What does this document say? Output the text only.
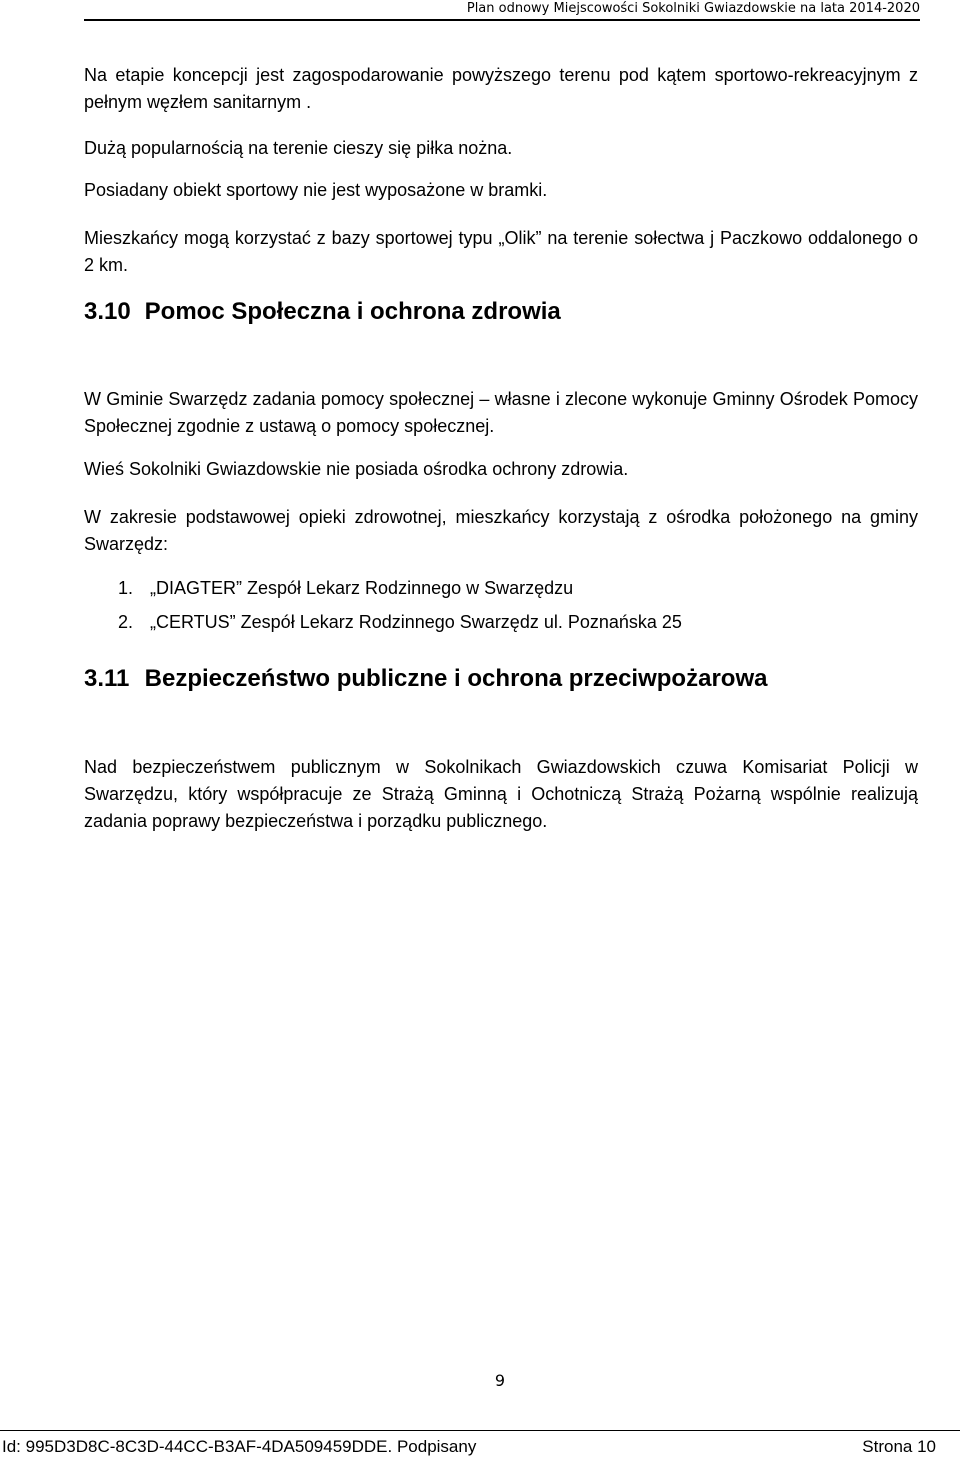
Plan odnowy Miejscowości Sokolniki Gwiazdowskie na lata 2014-2020

Na etapie koncepcji jest zagospodarowanie powyższego terenu pod kątem sportowo-rekreacyjnym z pełnym węzłem sanitarnym .

Dużą popularnością na terenie cieszy się piłka nożna.

Posiadany obiekt sportowy nie jest wyposażone w bramki.

Mieszkańcy mogą korzystać z bazy sportowej typu „Olik” na terenie sołectwa j Paczkowo oddalonego o 2 km.

3.10 Pomoc Społeczna i ochrona zdrowia

W Gminie Swarzędz zadania pomocy społecznej – własne i zlecone wykonuje Gminny Ośrodek Pomocy Społecznej zgodnie z ustawą o pomocy społecznej.

Wieś Sokolniki Gwiazdowskie nie posiada ośrodka ochrony zdrowia.

W zakresie podstawowej opieki zdrowotnej, mieszkańcy korzystają z ośrodka położonego na gminy Swarzędz:

1. „DIAGTER” Zespół Lekarz Rodzinnego w Swarzędzu
2. „CERTUS” Zespół Lekarz Rodzinnego Swarzędz ul. Poznańska 25
3.11 Bezpieczeństwo publiczne i ochrona przeciwpożarowa

Nad bezpieczeństwem publicznym w Sokolnikach Gwiazdowskich czuwa Komisariat Policji w Swarzędzu, który współpracuje ze Strażą Gminną i Ochotniczą Strażą Pożarną wspólnie realizują zadania poprawy bezpieczeństwa i porządku publicznego.

9
Id: 995D3D8C-8C3D-44CC-B3AF-4DA509459DDE. Podpisany	Strona 10
